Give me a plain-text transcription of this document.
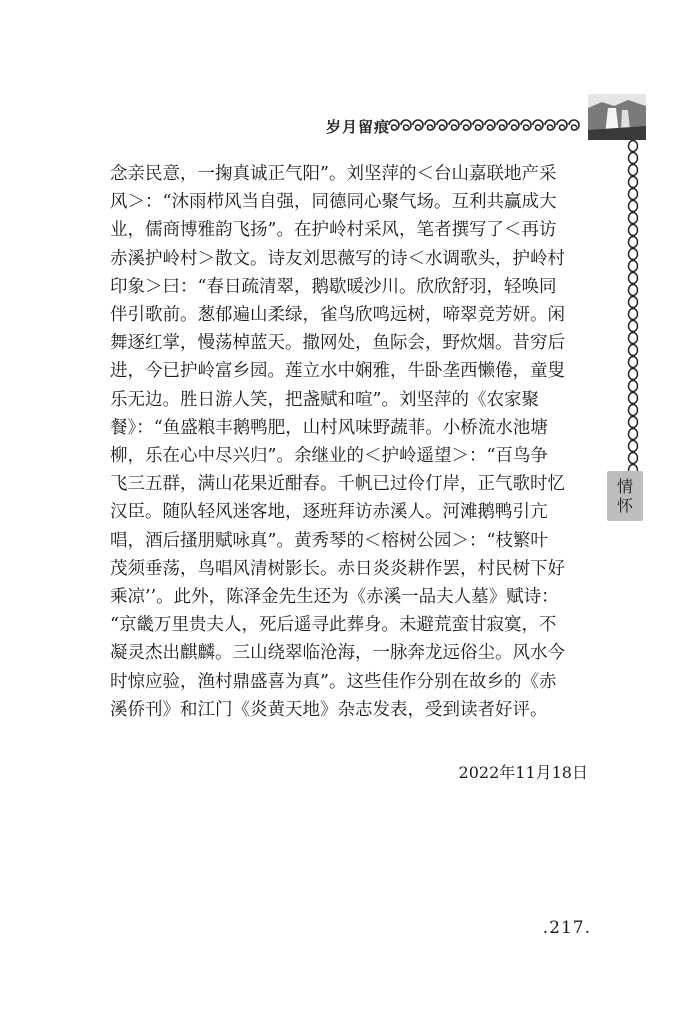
岁月留痕
情
怀
念亲民意，一掬真诚正气阳”。刘坚萍的＜台山嘉联地产采
风＞：“沐雨栉风当自强，同德同心聚气场。互利共赢成大
业，儒商博雅韵飞扬”。在护岭村采风，笔者撰写了＜再访
赤溪护岭村＞散文。诗友刘思薇写的诗＜水调歌头，护岭村
印象＞曰：“春日疏清翠，鹅歇暖沙川。欣欣舒羽，轻唤同
伴引歌前。葱郁遍山柔绿，雀鸟欣鸣远树，啼翠竞芳妍。闲
舞逐红掌，慢荡棹蓝天。撒网处，鱼际会，野炊烟。昔穷后
进，今已护岭富乡园。莲立水中娴雅，牛卧垄西懒倦，童叟
乐无边。胜日游人笑，把盏赋和喧”。刘坚萍的《农家聚
餐》：“鱼盛粮丰鹅鸭肥，山村风味野蔬菲。小桥流水池塘
柳，乐在心中尽兴归”。余继业的＜护岭遥望＞：“百鸟争
飞三五群，满山花果近酣春。千帆已过伶仃岸，正气歌时忆
汉臣。随队轻风迷客地，逐班拜访赤溪人。河滩鹅鸭引亢
唱，酒后搔朋赋咏真”。黄秀琴的＜榕树公园＞：“枝繁叶
茂须垂荡，鸟唱风清树影长。赤日炎炎耕作罢，村民树下好
乘凉’’。此外，陈泽金先生还为《赤溪一品夫人墓》赋诗：
“京畿万里贵夫人，死后遥寻此葬身。未避荒蛮甘寂寞，不
凝灵杰出麒麟。三山绕翠临沧海，一脉奔龙远俗尘。风水今
时惊应验，渔村鼎盛喜为真”。这些佳作分别在故乡的《赤
溪侨刊》和江门《炎黄天地》杂志发表，受到读者好评。
2022年11月18日
.217.
